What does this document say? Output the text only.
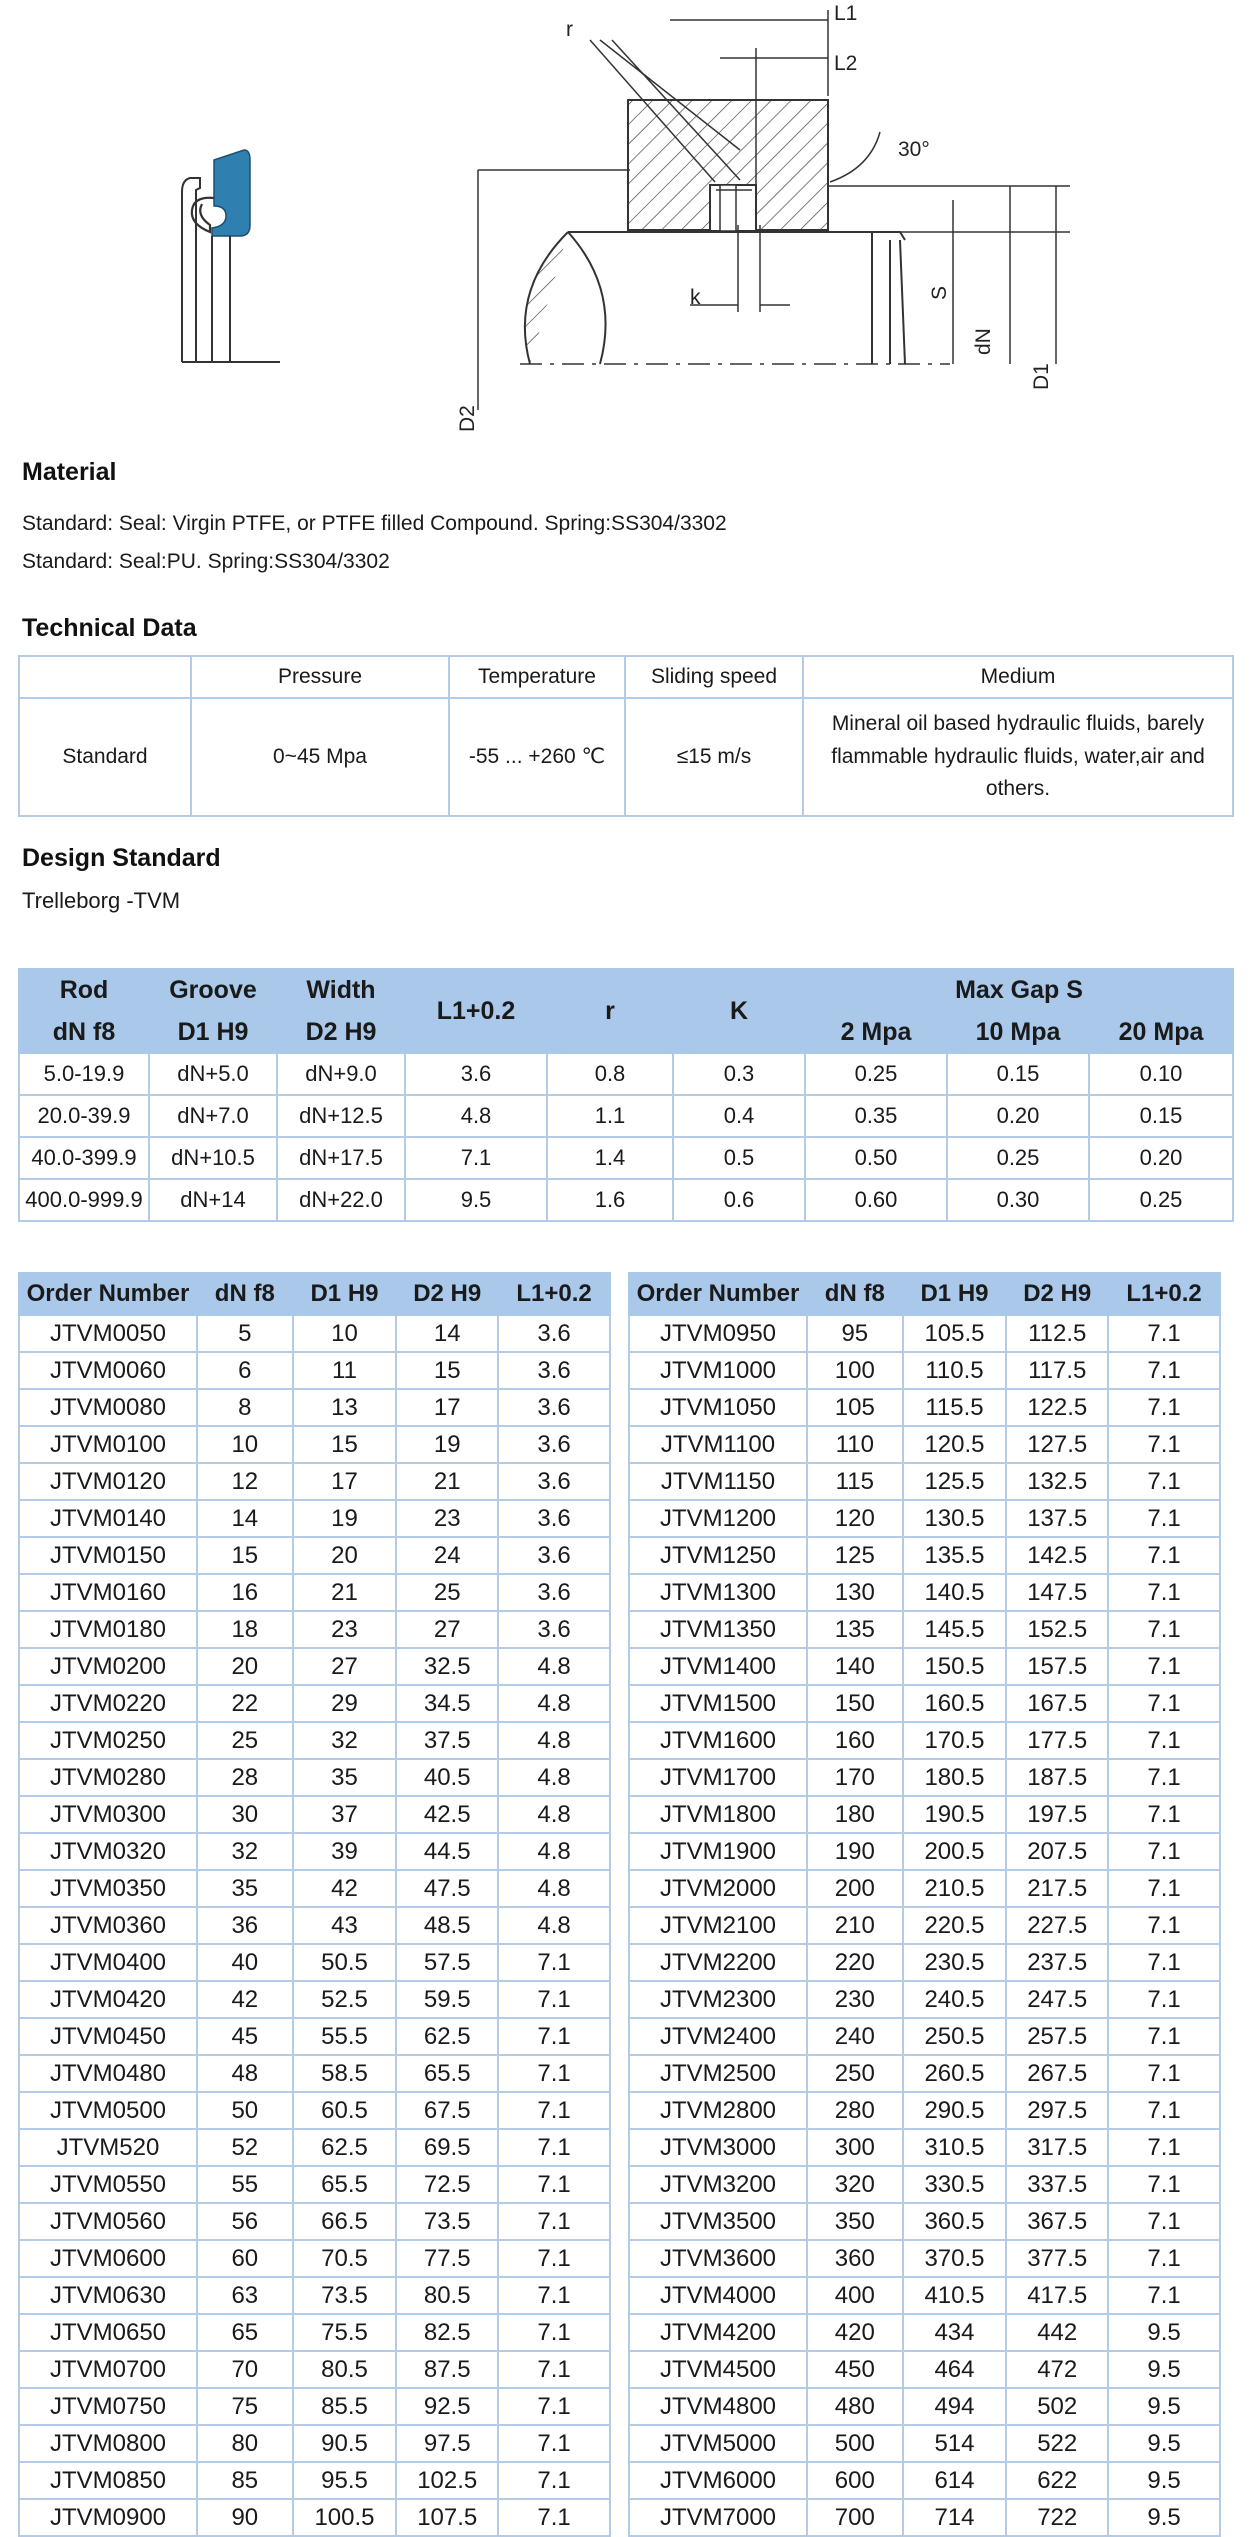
r
L1
L2
30°
k	S
dN
D1
D2
Material
Standard: Seal: Virgin PTFE, or PTFE filled Compound. Spring:SS304/3302
Standard: Seal:PU. Spring:SS304/3302
Technical Data
	Pressure	Temperature	Sliding speed	Medium
Standard	0~45 Mpa	-55 ... +260 ℃	≤15 m/s	Mineral oil based hydraulic fluids, barely flammable hydraulic fluids, water,air and others.
Design Standard
Trelleborg -TVM
Rod	Groove	Width	L1+0.2	r	K	Max Gap S		
dN f8	D1 H9	D2 H9				2 Mpa	10 Mpa	20 Mpa
5.0-19.9	dN+5.0	dN+9.0	3.6	0.8	0.3	0.25	0.15	0.10
20.0-39.9	dN+7.0	dN+12.5	4.8	1.1	0.4	0.35	0.20	0.15
40.0-399.9	dN+10.5	dN+17.5	7.1	1.4	0.5	0.50	0.25	0.20
400.0-999.9	dN+14	dN+22.0	9.5	1.6	0.6	0.60	0.30	0.25
Order Number	dN f8	D1 H9	D2 H9	L1+0.2
JTVM0050	5	10	14	3.6
JTVM0060	6	11	15	3.6
JTVM0080	8	13	17	3.6
JTVM0100	10	15	19	3.6
JTVM0120	12	17	21	3.6
JTVM0140	14	19	23	3.6
JTVM0150	15	20	24	3.6
JTVM0160	16	21	25	3.6
JTVM0180	18	23	27	3.6
JTVM0200	20	27	32.5	4.8
JTVM0220	22	29	34.5	4.8
JTVM0250	25	32	37.5	4.8
JTVM0280	28	35	40.5	4.8
JTVM0300	30	37	42.5	4.8
JTVM0320	32	39	44.5	4.8
JTVM0350	35	42	47.5	4.8
JTVM0360	36	43	48.5	4.8
JTVM0400	40	50.5	57.5	7.1
JTVM0420	42	52.5	59.5	7.1
JTVM0450	45	55.5	62.5	7.1
JTVM0480	48	58.5	65.5	7.1
JTVM0500	50	60.5	67.5	7.1
JTVM520	52	62.5	69.5	7.1
JTVM0550	55	65.5	72.5	7.1
JTVM0560	56	66.5	73.5	7.1
JTVM0600	60	70.5	77.5	7.1
JTVM0630	63	73.5	80.5	7.1
JTVM0650	65	75.5	82.5	7.1
JTVM0700	70	80.5	87.5	7.1
JTVM0750	75	85.5	92.5	7.1
JTVM0800	80	90.5	97.5	7.1
JTVM0850	85	95.5	102.5	7.1
JTVM0900	90	100.5	107.5	7.1
Order Number	dN f8	D1 H9	D2 H9	L1+0.2
JTVM0950	95	105.5	112.5	7.1
JTVM1000	100	110.5	117.5	7.1
JTVM1050	105	115.5	122.5	7.1
JTVM1100	110	120.5	127.5	7.1
JTVM1150	115	125.5	132.5	7.1
JTVM1200	120	130.5	137.5	7.1
JTVM1250	125	135.5	142.5	7.1
JTVM1300	130	140.5	147.5	7.1
JTVM1350	135	145.5	152.5	7.1
JTVM1400	140	150.5	157.5	7.1
JTVM1500	150	160.5	167.5	7.1
JTVM1600	160	170.5	177.5	7.1
JTVM1700	170	180.5	187.5	7.1
JTVM1800	180	190.5	197.5	7.1
JTVM1900	190	200.5	207.5	7.1
JTVM2000	200	210.5	217.5	7.1
JTVM2100	210	220.5	227.5	7.1
JTVM2200	220	230.5	237.5	7.1
JTVM2300	230	240.5	247.5	7.1
JTVM2400	240	250.5	257.5	7.1
JTVM2500	250	260.5	267.5	7.1
JTVM2800	280	290.5	297.5	7.1
JTVM3000	300	310.5	317.5	7.1
JTVM3200	320	330.5	337.5	7.1
JTVM3500	350	360.5	367.5	7.1
JTVM3600	360	370.5	377.5	7.1
JTVM4000	400	410.5	417.5	7.1
JTVM4200	420	434	442	9.5
JTVM4500	450	464	472	9.5
JTVM4800	480	494	502	9.5
JTVM5000	500	514	522	9.5
JTVM6000	600	614	622	9.5
JTVM7000	700	714	722	9.5
